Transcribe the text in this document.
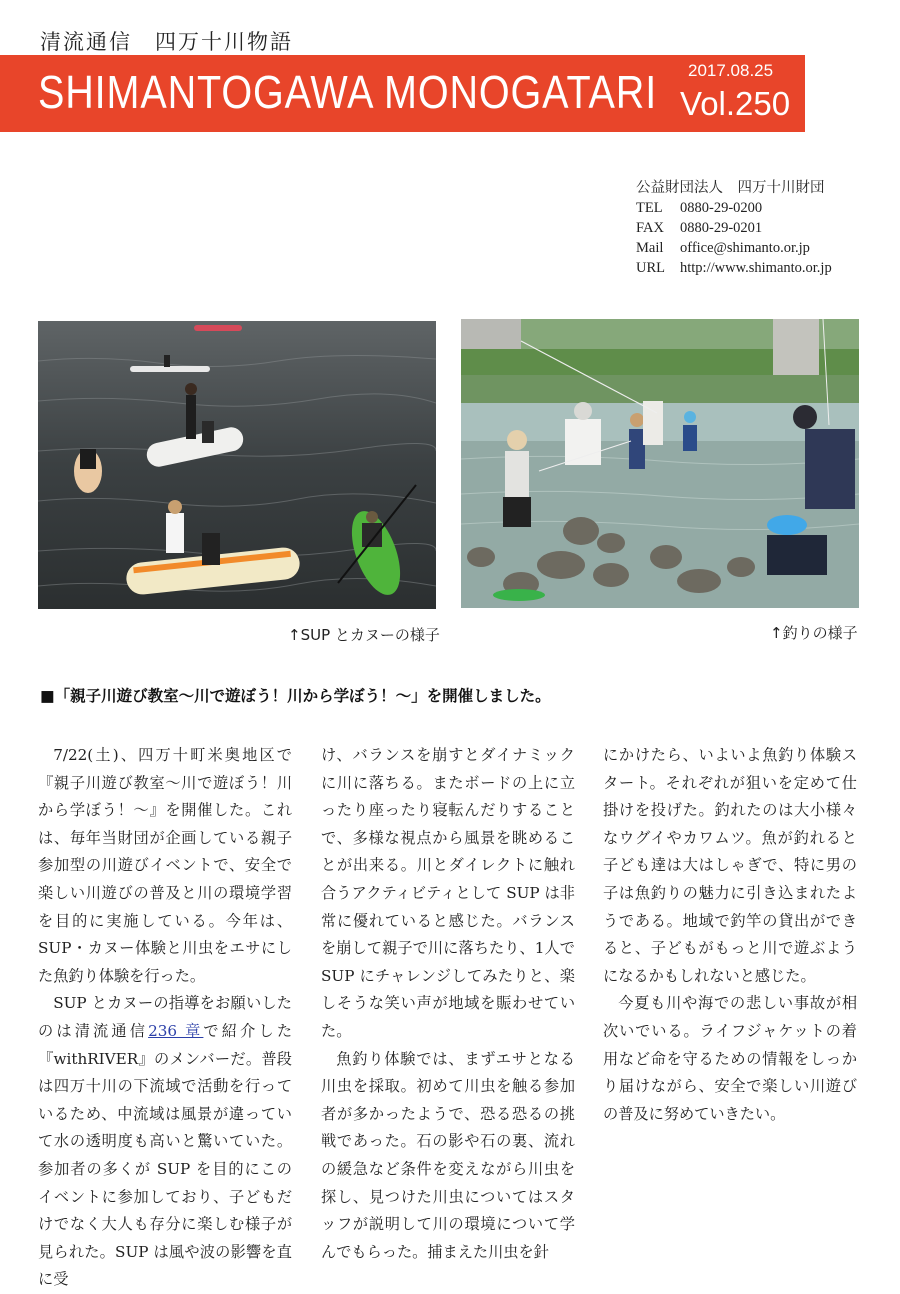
清流通信　四万十川物語
SHIMANTOGAWA MONOGATARI 2017.08.25
Vol.250
公益財団法人　四万十川財団
TEL	0880-29-0200
FAX	0880-29-0201
Mail	office@shimanto.or.jp
URL	http://www.shimanto.or.jp
↑SUP とカヌーの様子	↑釣りの様子
■「親子川遊び教室～川で遊ぼう！川から学ぼう！～」を開催しました。

7/22(土)、四万十町米奥地区で『親子川遊び教室～川で遊ぼう！川から学ぼう！～』を開催した。これは、毎年当財団が企画している親子参加型の川遊びイベントで、安全で楽しい川遊びの普及と川の環境学習を目的に実施している。今年は、SUP・カヌー体験と川虫をエサにした魚釣り体験を行った。

SUP とカヌーの指導をお願いしたのは清流通信236 章で紹介した『withRIVER』のメンバーだ。普段は四万十川の下流域で活動を行っているため、中流域は風景が違っていて水の透明度も高いと驚いていた。参加者の多くが SUP を目的にこのイベントに参加しており、子どもだけでなく大人も存分に楽しむ様子が見られた。SUP は風や波の影響を直に受

け、バランスを崩すとダイナミックに川に落ちる。またボードの上に立ったり座ったり寝転んだりすることで、多様な視点から風景を眺めることが出来る。川とダイレクトに触れ合うアクティビティとして SUP は非常に優れていると感じた。バランスを崩して親子で川に落ちたり、1人で SUP にチャレンジしてみたりと、楽しそうな笑い声が地域を賑わせていた。

魚釣り体験では、まずエサとなる川虫を採取。初めて川虫を触る参加者が多かったようで、恐る恐るの挑戦であった。石の影や石の裏、流れの緩急など条件を変えながら川虫を探し、見つけた川虫についてはスタッフが説明して川の環境について学んでもらった。捕まえた川虫を針

にかけたら、いよいよ魚釣り体験スタート。それぞれが狙いを定めて仕掛けを投げた。釣れたのは大小様々なウグイやカワムツ。魚が釣れると子ども達は大はしゃぎで、特に男の子は魚釣りの魅力に引き込まれたようである。地域で釣竿の貸出ができると、子どもがもっと川で遊ぶようになるかもしれないと感じた。

今夏も川や海での悲しい事故が相次いでいる。ライフジャケットの着用など命を守るための情報をしっかり届けながら、安全で楽しい川遊びの普及に努めていきたい。
